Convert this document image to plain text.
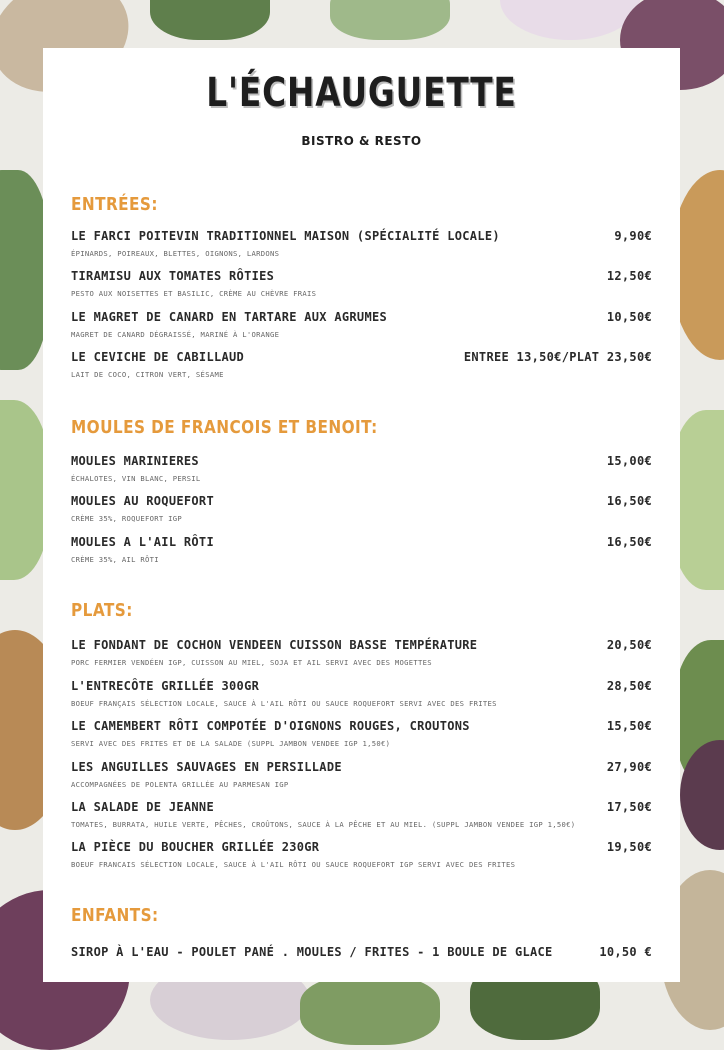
L'ÉCHAUGUETTE
BISTRO & RESTO
ENTRÉES:
LE FARCI POITEVIN TRADITIONNEL MAISON (SPÉCIALITÉ LOCALE)	9,90€
ÉPINARDS, POIREAUX, BLETTES, OIGNONS, LARDONS
TIRAMISU AUX TOMATES RÔTIES	12,50€
PESTO AUX NOISETTES ET BASILIC, CRÈME AU CHÈVRE FRAIS
LE MAGRET DE CANARD EN TARTARE AUX AGRUMES	10,50€
MAGRET DE CANARD DÉGRAISSÉ, MARINÉ À L'ORANGE
LE CEVICHE DE CABILLAUD	ENTREE 13,50€/PLAT 23,50€
LAIT DE COCO, CITRON VERT, SÉSAME
MOULES DE FRANCOIS ET BENOIT:
MOULES MARINIERES	15,00€
ÉCHALOTES, VIN BLANC, PERSIL
MOULES AU ROQUEFORT	16,50€
CRÈME 35%, ROQUEFORT IGP
MOULES A L'AIL RÔTI	16,50€
CRÈME 35%, AIL RÔTI
PLATS:
LE FONDANT DE COCHON VENDEEN CUISSON BASSE TEMPÉRATURE	20,50€
PORC FERMIER VENDÉEN IGP, CUISSON AU MIEL, SOJA ET AIL SERVI AVEC DES MOGETTES
L'ENTRECÔTE GRILLÉE 300GR	28,50€
BOEUF FRANÇAIS SÉLECTION LOCALE, SAUCE À L'AIL RÔTI OU SAUCE ROQUEFORT SERVI AVEC DES FRITES
LE CAMEMBERT RÔTI COMPOTÉE D'OIGNONS ROUGES, CROUTONS	15,50€
SERVI AVEC DES FRITES ET DE LA SALADE (SUPPL JAMBON VENDEE IGP 1,50€)
LES ANGUILLES SAUVAGES EN PERSILLADE	27,90€
ACCOMPAGNÉES DE POLENTA GRILLÉE AU PARMESAN IGP
LA SALADE DE JEANNE	17,50€
TOMATES, BURRATA, HUILE VERTE, PÊCHES, CROÛTONS, SAUCE À LA PÊCHE ET AU MIEL. (SUPPL JAMBON VENDEE IGP 1,50€)
LA PIÈCE DU BOUCHER GRILLÉE 230GR	19,50€
BOEUF FRANCAIS SÉLECTION LOCALE, SAUCE À L'AIL RÔTI OU SAUCE ROQUEFORT IGP SERVI AVEC DES FRITES
ENFANTS:
SIROP À L'EAU - POULET PANÉ . MOULES / FRITES - 1 BOULE DE GLACE	10,50 €
